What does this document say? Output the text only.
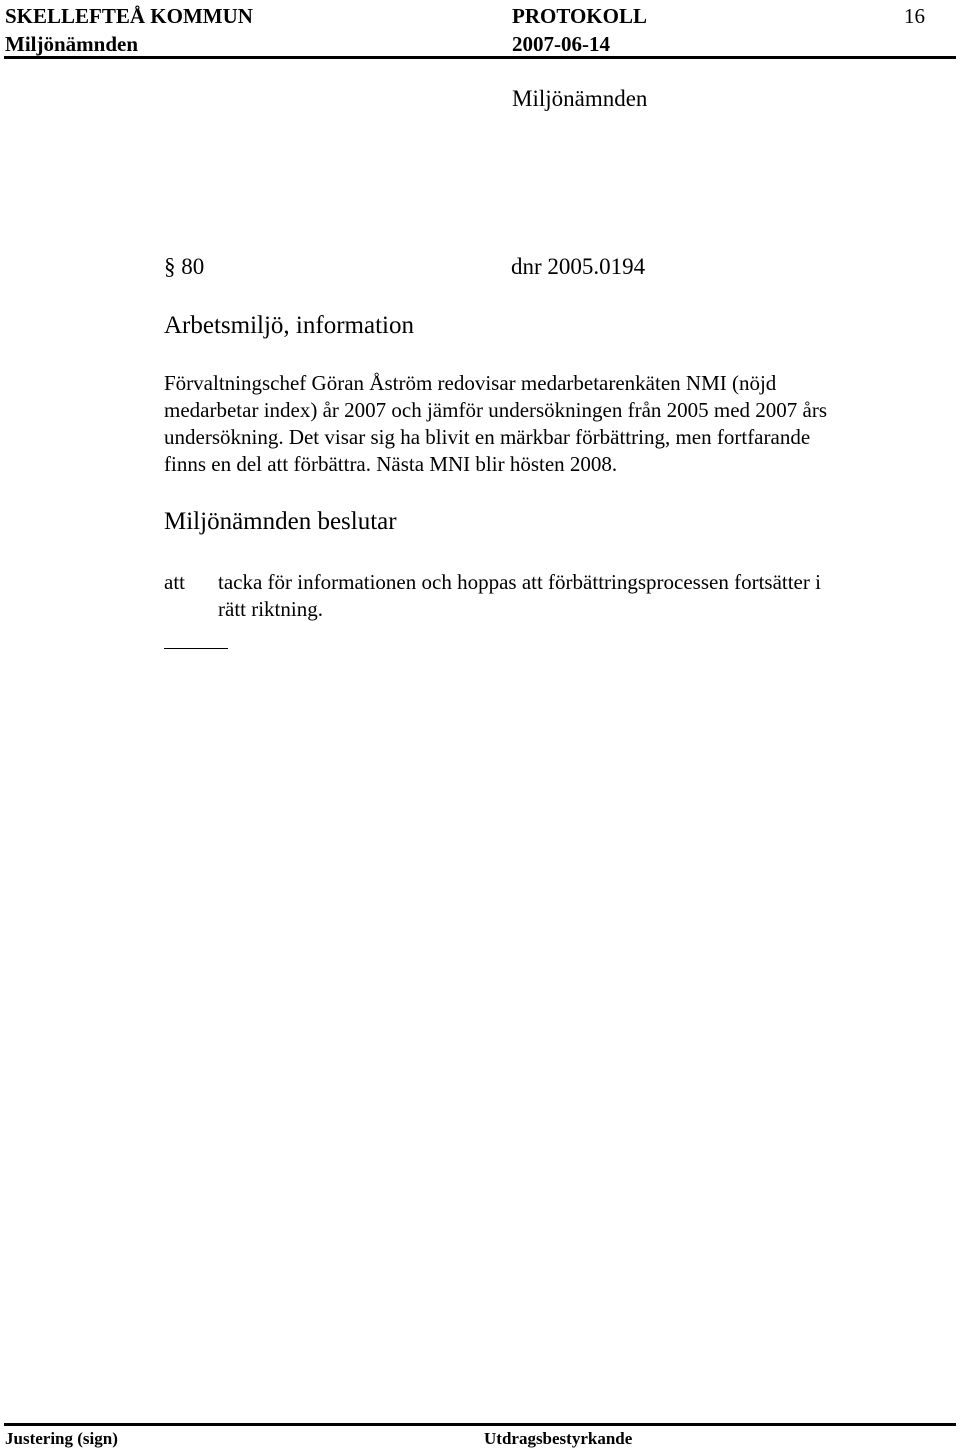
SKELLEFTEÅ KOMMUN	PROTOKOLL	16
Miljönämnden	2007-06-14
Miljönämnden
§ 80	dnr 2005.0194
Arbetsmiljö, information
Förvaltningschef Göran Åström redovisar medarbetarenkäten NMI (nöjd
medarbetar index) år 2007 och jämför undersökningen från 2005 med 2007 års
undersökning. Det visar sig ha blivit en märkbar förbättring, men fortfarande
finns en del att förbättra. Nästa MNI blir hösten 2008.
Miljönämnden beslutar
att tacka för informationen och hoppas att förbättringsprocessen fortsätter i
rätt riktning.
Justering (sign)	Utdragsbestyrkande
